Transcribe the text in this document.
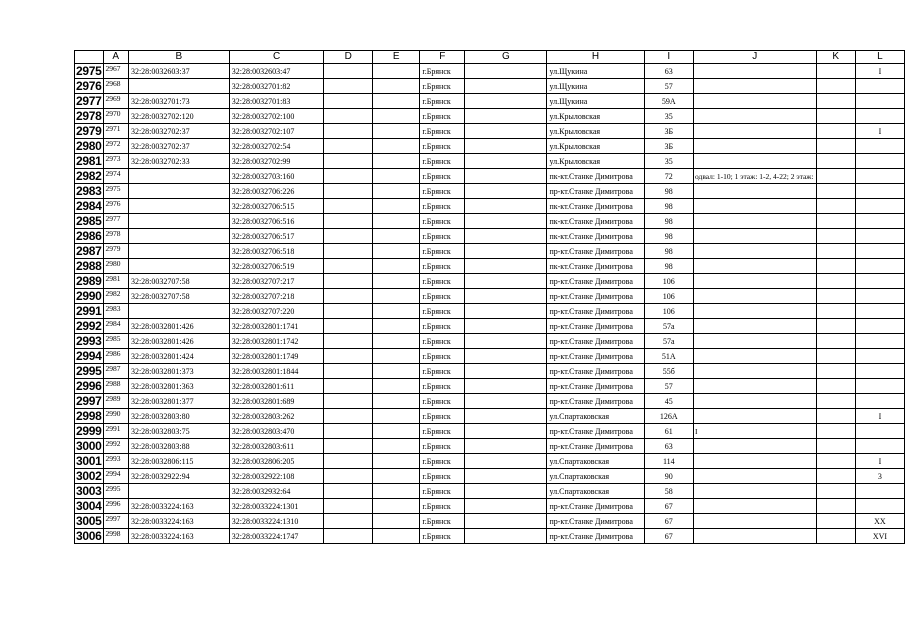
	A	B	C	D	E	F	G	H	I	J	K	L
2975	2967	32:28:0032603:37	32:28:0032603:47			г.Брянск		ул.Щукина	63			I
2976	2968		32:28:0032701:82			г.Брянск		ул.Щукина	57			
2977	2969	32:28:0032701:73	32:28:0032701:83			г.Брянск		ул.Щукина	59А			
2978	2970	32:28:0032702:120	32:28:0032702:100			г.Брянск		ул.Крыловская	35			
2979	2971	32:28:0032702:37	32:28:0032702:107			г.Брянск		ул.Крыловская	3Б			I
2980	2972	32:28:0032702:37	32:28:0032702:54			г.Брянск		ул.Крыловская	3Б			
2981	2973	32:28:0032702:33	32:28:0032702:99			г.Брянск		ул.Крыловская	35			
2982	2974		32:28:0032703:160			г.Брянск		пк-кт.Станке Димитрова	72	одвал: 1-10; 1 этаж: 1-2, 4-22; 2 этаж:		
2983	2975		32:28:0032706:226			г.Брянск		пр-кт.Станке Димитрова	98			
2984	2976		32:28:0032706:515			г.Брянск		пк-кт.Станке Димитрова	98			
2985	2977		32:28:0032706:516			г.Брянск		пк-кт.Станке Димитрова	98			
2986	2978		32:28:0032706:517			г.Брянск		пк-кт.Станке Димитрова	98			
2987	2979		32:28:0032706:518			г.Брянск		пр-кт.Станке Димитрова	98			
2988	2980		32:28:0032706:519			г.Брянск		пк-кт.Станке Димитрова	98			
2989	2981	32:28:0032707:58	32:28:0032707:217			г.Брянск		пр-кт.Станке Димитрова	106			
2990	2982	32:28:0032707:58	32:28:0032707:218			г.Брянск		пр-кт.Станке Димитрова	106			
2991	2983		32:28:0032707:220			г.Брянск		пр-кт.Станке Димитрова	106			
2992	2984	32:28:0032801:426	32:28:0032801:1741			г.Брянск		пр-кт.Станке Димитрова	57а			
2993	2985	32:28:0032801:426	32:28:0032801:1742			г.Брянск		пр-кт.Станке Димитрова	57а			
2994	2986	32:28:0032801:424	32:28:0032801:1749			г.Брянск		пр-кт.Станке Димитрова	51А			
2995	2987	32:28:0032801:373	32:28:0032801:1844			г.Брянск		пр-кт.Станке Димитрова	55б			
2996	2988	32:28:0032801:363	32:28:0032801:611			г.Брянск		пр-кт.Станке Димитрова	57			
2997	2989	32:28:0032801:377	32:28:0032801:689			г.Брянск		пр-кт.Станке Димитрова	45			
2998	2990	32:28:0032803:80	32:28:0032803:262			г.Брянск		ул.Спартаковская	126А			I
2999	2991	32:28:0032803:75	32:28:0032803:470			г.Брянск		пр-кт.Станке Димитрова	61	I		
3000	2992	32:28:0032803:88	32:28:0032803:611			г.Брянск		пр-кт.Станке Димитрова	63			
3001	2993	32:28:0032806:115	32:28:0032806:205			г.Брянск		ул.Спартаковская	114			I
3002	2994	32:28:0032922:94	32:28:0032922:108			г.Брянск		ул.Спартаковская	90			3
3003	2995		32:28:0032932:64			г.Брянск		ул.Спартаковская	58			
3004	2996	32:28:0033224:163	32:28:0033224:1301			г.Брянск		пр-кт.Станке Димитрова	67			
3005	2997	32:28:0033224:163	32:28:0033224:1310			г.Брянск		пр-кт.Станке Димитрова	67			XX
3006	2998	32:28:0033224:163	32:28:0033224:1747			г.Брянск		пр-кт.Станке Димитрова	67			XVI
